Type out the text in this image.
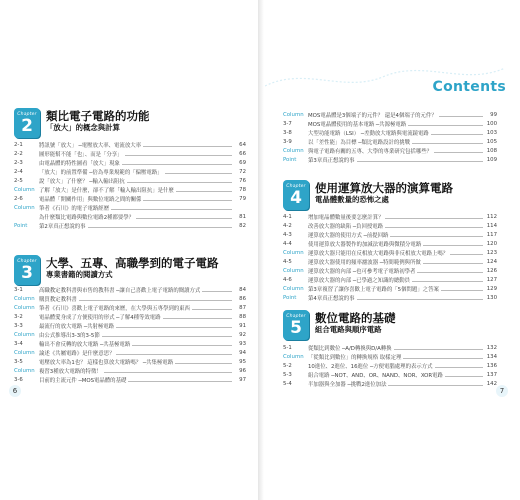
Contents
Chapter
2 類比電子電路的功能
「放大」的概念與計算
2-1	將訊號「放大」 ─電壓放大率、電流放大率	64
2-2	圖形能幫不能「也」、而是「分享」	66
2-3	由電晶體的特性圖看「放大」現象	69
2-4	「放大」的前置準備 ─倍為專業規範的「偏壓電路」	72
2-5	說「放大」了什麼？ ─輸入輸出阻抗	76
Column 了解「放大」是什麼，卻不了解「輸入輸出阻抗」是什麼	78
2-6	電晶體「開關作用」與數位電路之間的關係	79
Column 筆者《石川》的電子電路經歷
為什麼類比電路與數位電路2種都要學？	81
Point	第2章真正想說的事	82
Chapter
3 大學、五專、高職學到的電子電路
專業書籍的閱讀方式
3-1	高職教定教科書與市售的教科書 ─讓自己喜歡上電子電路的閱讀方式	84
Column 購買教定教科書	86
Column 筆者《石川》喜歡上電子電路的來歷，在大學與五專學到的東西	87
3-2	電晶體愛身成了方便使用的形式 ─了解4種等效電路	88
3-3	最流行的放大電路 ─共射極電路	91
Column 由公式推導出3-3的3-5節	92
3-4	輸出不會反轉的放大電路 ─共基極電路	93
Column 論述《共屬電路》是什麼意思？	94
3-5	電壓放大率為1也？ 這樣也算放大電路嗎？ ─共集極電路	95
Column 複習3種放大電路的特徵！	96
3-6	目前的主流元件 ─MOS電晶體的基礎	97
Column MOS電晶體是3個端子的元件？ 還是4個端子的元件？	99
3-7	MOS電晶體使用的基本電路 ─共源極電路	100
3-8	大型功能電路（LSI） ─差動放大電路與電流鏡電路	103
3-9	以「差性能」為目標 ─類比電路設計的挑戰	105
Column 與電子電路有關的五專、大學的專業研究包括哪些？	108
Point	第3章真正想說的事	109
Chapter
4 使用運算放大器的演算電路
電晶體數量的恐怖之處
4-1	增加電晶體數量後要怎麼計算？	112
4-2	改善放大器的缺陷 ─負回授電路	114
4-3	運算放大器的使用方式 ─前提回路	117
4-4	使用運算放大器製作的加減法電路與微積分電路	120
Column 運算放大器只能用在反相放大電路與非反相放大電路上嗎？	123
4-5	運算放大器使用的頻率濾波器 ─特間範例與所做	124
Column 運算放大器的內部 ─也可參考電子電路初學者	126
4-6	運算放大器的內部 ─已學過之知識的總動員	127
Column 第3章複習了讓你喜歡上電子電路的「5個問題」之答案	129
Point	第4章真正想說的事	130
Chapter
5 數位電路的基礎
組合電路與順序電路
5-1	從類比到數位 ─A/D轉換與D/A轉換	132
Column 「從類比到數位」的轉換規格 取樣定理	134
5-2	10進位、2進位、16進位 ─方便電腦處理的表示方式	136
5-3	組合電路 ─NOT、AND、OR、NAND、NOR、XOR電路	137
5-4	半加器與全加器 ─挑戰2進位加法	142
6	7
